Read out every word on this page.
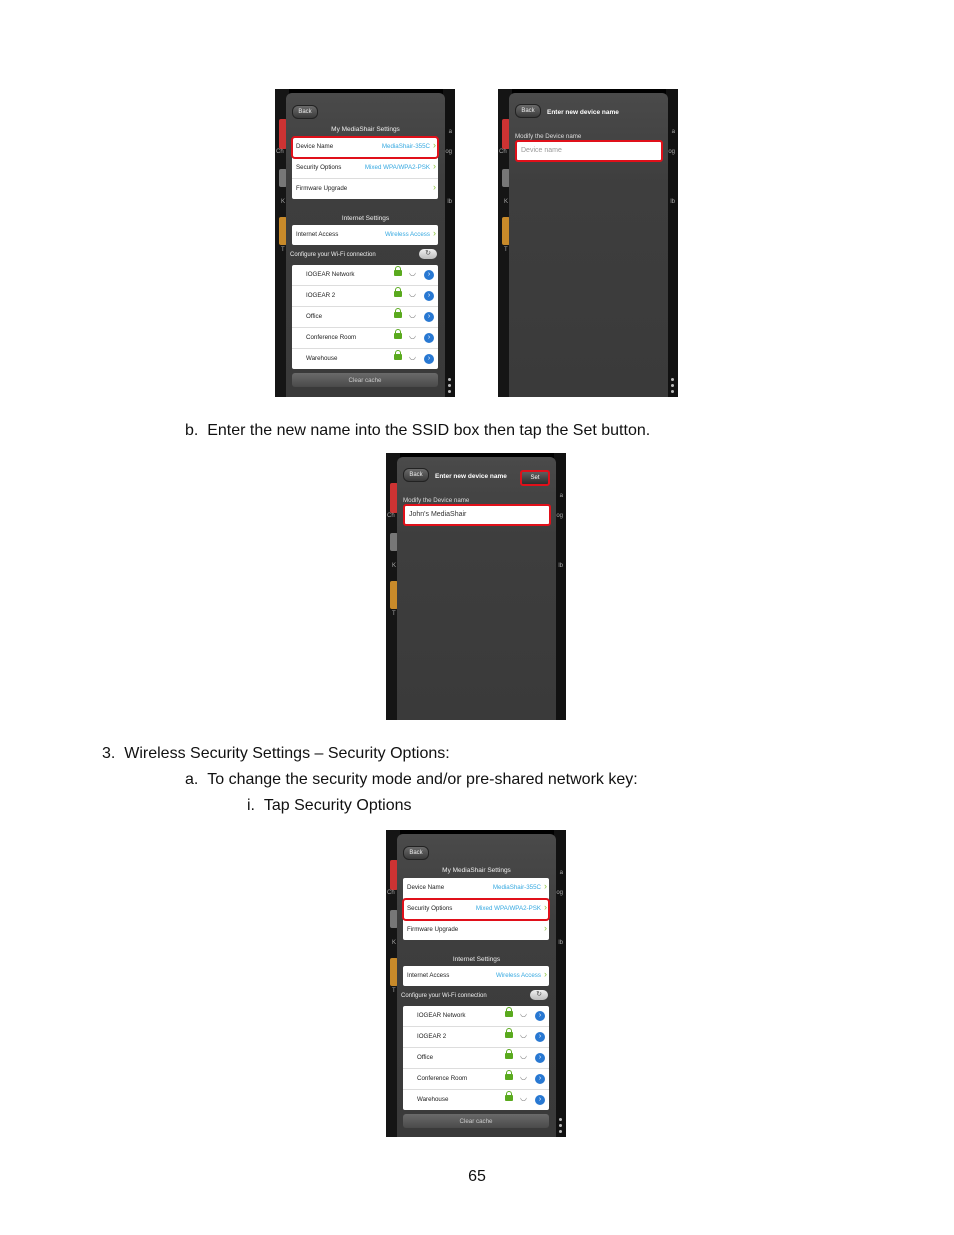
Ch
K
T
a
og
lb
Back
My MediaShair Settings
Device Name	MediaShair-355C ›
Security Options	Mixed WPA/WPA2-PSK ›
Firmware Upgrade	›
Internet Settings
Internet Access	Wireless Access ›
Configure your Wi-Fi connection	↻
IOGEAR Network	◡	›
IOGEAR 2	◡	›
Office	◡	›
Conference Room	◡	›
Warehouse	◡	›
Clear cache
Ch
K
T
a
og
lb
Back	Enter new device name
Modify the Device name
Device name
b.  Enter the new name into the SSID box then tap the Set button.
Ch
K
T
a
og
lb
Back	Enter new device name	Set
Modify the Device name
John's MediaShair
3.  Wireless Security Settings – Security Options:
a.  To change the security mode and/or pre-shared network key:
i.  Tap Security Options
Ch
K
T
a
og
lb
Back
My MediaShair Settings
Device Name	MediaShair-355C ›
Security Options	Mixed WPA/WPA2-PSK ›
Firmware Upgrade	›
Internet Settings
Internet Access	Wireless Access ›
Configure your Wi-Fi connection	↻
IOGEAR Network	◡	›
IOGEAR 2	◡	›
Office	◡	›
Conference Room	◡	›
Warehouse	◡	›
Clear cache
65
